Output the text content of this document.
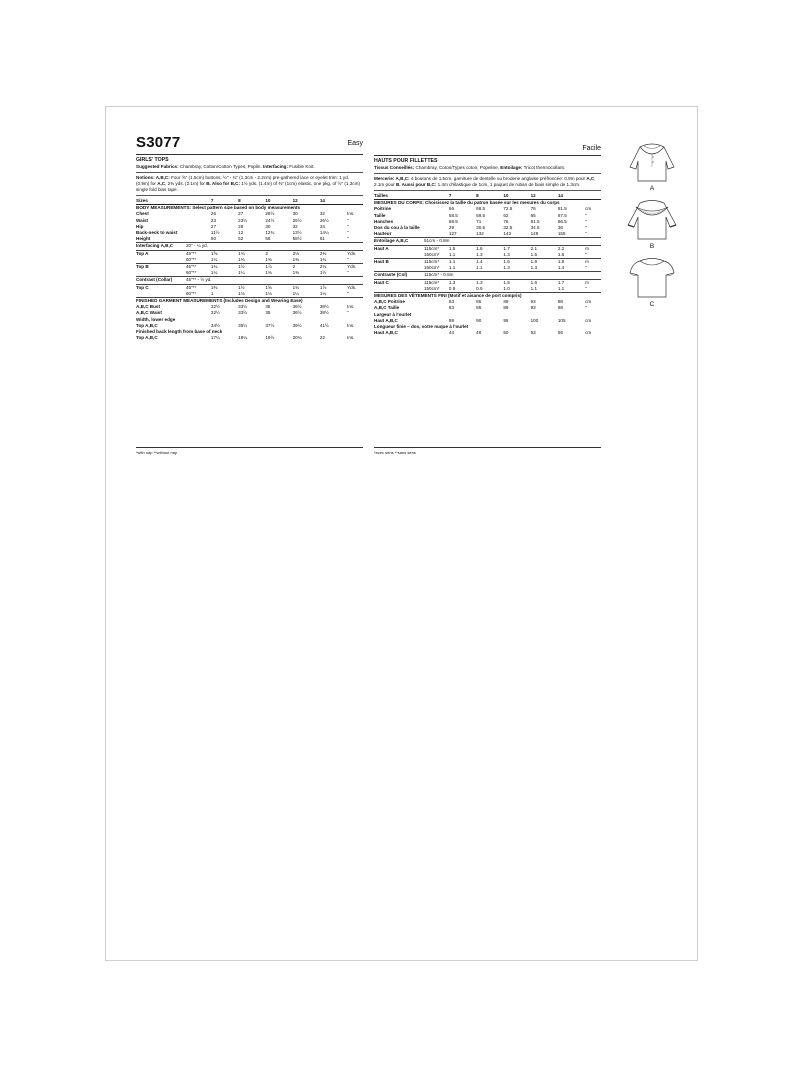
S3077	Easy
GIRLS' TOPS
Suggested Fabrics: Chambray, Cotton/Cotton Types, Poplin. Interfacing: Fusible Knit.
Notions: A,B,C: Four ⅝" (1.5cm) buttons, ½" - ¾" (1.3cm - 2.2cm) pre-gathered lace or eyelet trim: 1 yd. (0.9m) for A,C, 2⅜ yds. (2.1m) for B. Also for B,C: 1½ yds. (1.4m) of ⅜" (1cm) elastic, one pkg. of ½" (1.3cm) single fold bias tape.
Sizes		7	8	10	12	14	
BODY MEASUREMENTS: Select pattern size based on body measurements							
Chest		26	27	28½	30	32	Ins.
Waist		23	23½	24½	25½	26½	"
Hip		27	28	30	32	34	"
Back-neck to waist		11½	12	12¾	13½	14¼	"
Height		50	52	56	58½	61	"
Interfacing A,B,C	20" - ¼ yd.						
Top A	45"**	1⅝	1¾	2	2⅛	2⅜	Yds.
	60"**	1¼	1⅜	1⅜	1⅜	1¾	"
Top B	45"**	1¾	1½	1⅞	2	2⅛	Yds.
	60"**	1¼	1¼	1⅜	1⅜	1½	"
Contrast (Collar)	45"** - ½ yd.						
Top C	45"**	1⅜	1½	1⅝	1¾	1⅞	Yds.
	60"**	1	1⅛	1⅛	1¼	1¼	"
FINISHED GARMENT MEASUREMENTS (Includes Design and Wearing Ease)							
A,B,C Bust		32½	33½	35	36½	38½	Ins.
A,B,C Waist		32½	33½	35	36½	38½	"
Width, lower edge							
Top A,B,C		34½	35½	37½	39½	41½	Ins.
Finished back length from base of neck							
Top A,B,C		17¼	18¼	19½	20¾	22	Ins.
Facile
HAUTS POUR FILLETTES
Tissus Conseillés: Chambray, Coton/Types coton, Popeline. Entoilage: Tricot thermocollant.
Mercerie: A,B,C: 4 boutons de 1.5cm, garniture de dentelle ou broderie anglaise préfroncée: 0.9m pour A,C, 2.1m pour B. Aussi pour B,C: 1.4m d'élastique de 1cm, 1 paquet de ruban de biais simple de 1.3cm.
Tailles		7	8	10	12	14	
MESURES DU CORPS: Choisissez la taille du patron basée sur les mesures du corps							
Poitrine		66	68.5	72.5	76	81.5	cm
Taille		58.5	59.5	62	65	67.5	"
Hanches		68.5	71	76	81.5	86.5	"
Dos du cou à la taille		29	30.5	32.5	34.5	36	"
Hauteur		127	132	143	149	155	"
Entoilage A,B,C	51cm - 0.8m						
Haut A	115cm*	1.5	1.6	1.7	2.1	2.2	m
	150cm*	1.1	1.3	1.3	1.5	1.6	"
Haut B	115cm*	1.1	1.4	1.6	1.8	1.9	m
	150cm*	1.1	1.1	1.3	1.3	1.4	"
Contraste (Col)	115cm* - 0.5m						
Haut C	115cm*	1.3	1.3	1.5	1.6	1.7	m
	150cm*	0.9	0.9	1.0	1.1	1.1	"
MESURES DES VÊTEMENTS FINI (Motif et aisance de port compris)							
A,B,C Poitrine		83	85	89	93	98	cm
A,B,C Taille		83	85	89	93	98	"
Largeur à l'ourlet							
Haut A,B,C		88	90	95	100	105	cm
Longueur finie – dos, votre nuque à l'ourlet							
Haut A,B,C		44	46	50	53	56	cm
*with nap **without nap	*avec sens **sans sens
A
B
C
